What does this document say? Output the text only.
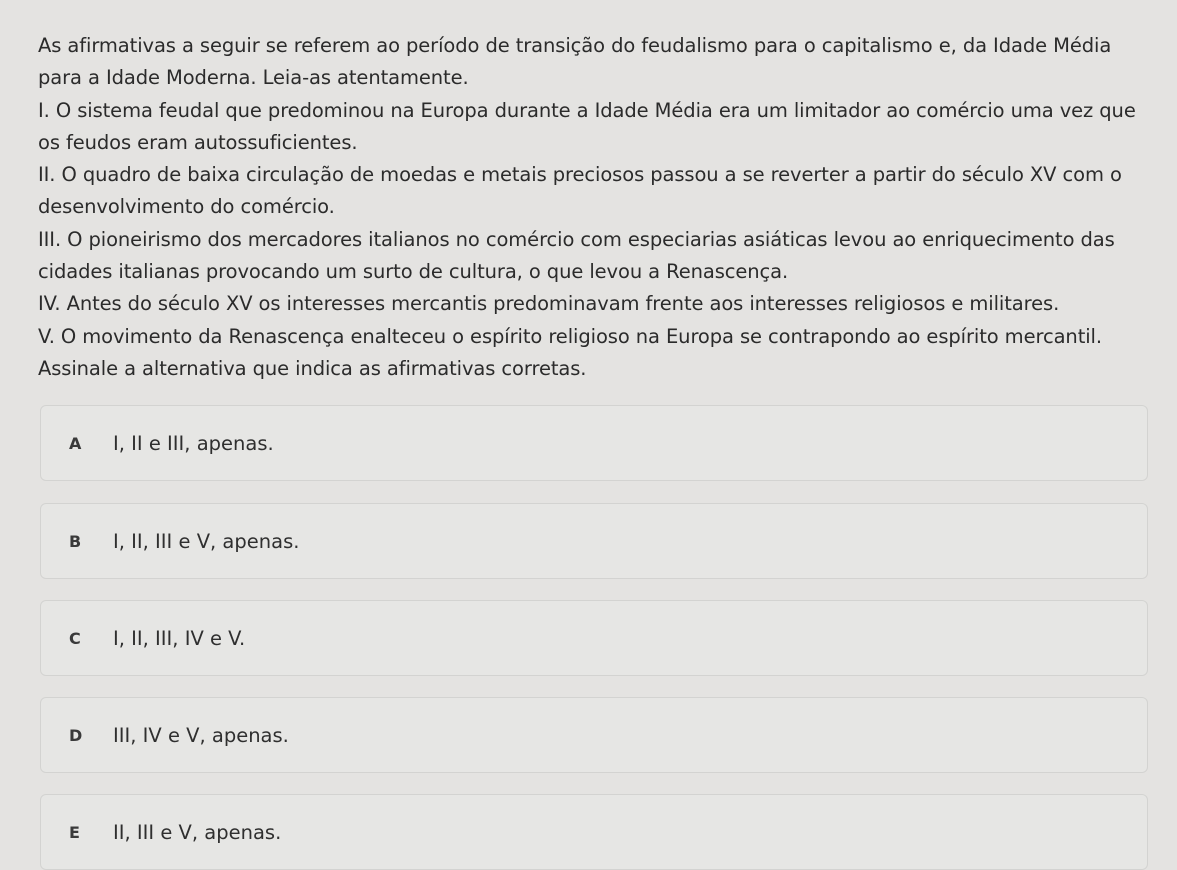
As afirmativas a seguir se referem ao período de transição do feudalismo para o capitalismo e, da Idade Média para a Idade Moderna. Leia-as atentamente.

I. O sistema feudal que predominou na Europa durante a Idade Média era um limitador ao comércio uma vez que os feudos eram autossuficientes.

II. O quadro de baixa circulação de moedas e metais preciosos passou a se reverter a partir do século XV com o desenvolvimento do comércio.

III. O pioneirismo dos mercadores italianos no comércio com especiarias asiáticas levou ao enriquecimento das cidades italianas provocando um surto de cultura, o que levou a Renascença.

IV. Antes do século XV os interesses mercantis predominavam frente aos interesses religiosos e militares.

V. O movimento da Renascença enalteceu o espírito religioso na Europa se contrapondo ao espírito mercantil.

Assinale a alternativa que indica as afirmativas corretas.

A I, II e III, apenas.
B I, II, III e V, apenas.
C I, II, III, IV e V.
D III, IV e V, apenas.
E II, III e V, apenas.
